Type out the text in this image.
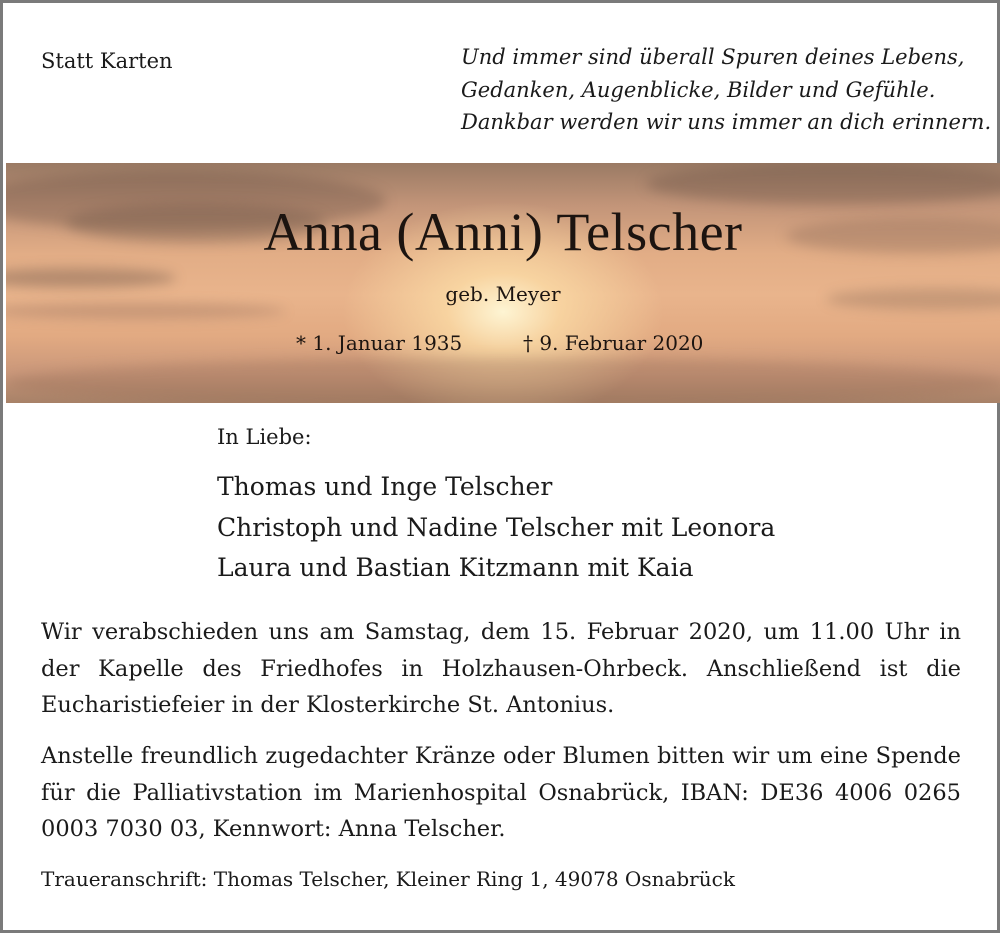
Statt Karten	Und immer sind überall Spuren deines Lebens,
Gedanken, Augenblicke, Bilder und Gefühle.
Dankbar werden wir uns immer an dich erinnern.
Anna (Anni) Telscher
geb. Meyer
* 1. Januar 1935	† 9. Februar 2020
In Liebe:
Thomas und Inge Telscher
Christoph und Nadine Telscher mit Leonora
Laura und Bastian Kitzmann mit Kaia
Wir verabschieden uns am Samstag, dem 15. Februar 2020, um 11.00 Uhr in der Kapelle des Friedhofes in Holzhausen-Ohrbeck. Anschließend ist die Eucharistiefeier in der Klosterkirche St. Antonius.
Anstelle freundlich zugedachter Kränze oder Blumen bitten wir um eine Spende für die Palliativstation im Marienhospital Osnabrück, IBAN: DE36 4006 0265 0003 7030 03, Kennwort: Anna Telscher.
Traueranschrift: Thomas Telscher, Kleiner Ring 1, 49078 Osnabrück
